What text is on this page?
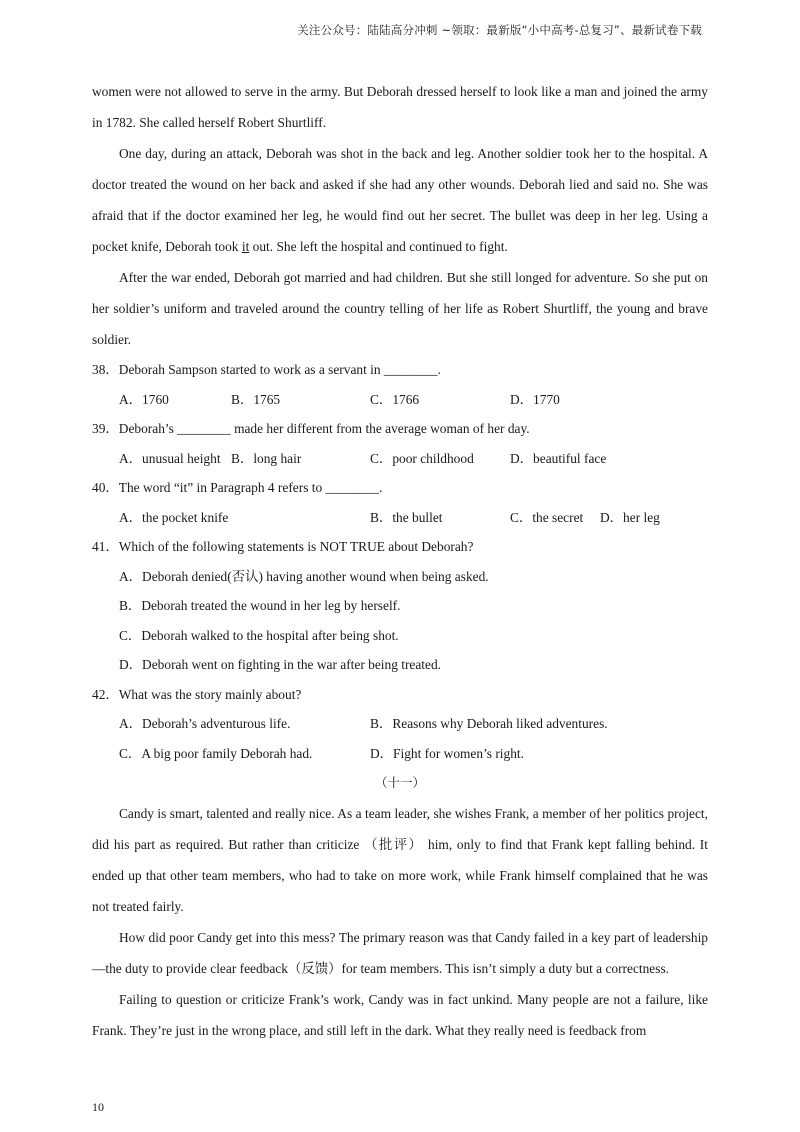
关注公众号：陆陆高分冲刺 ~领取：最新版“小中高考-总复习”、最新试卷下载

women were not allowed to serve in the army. But Deborah dressed herself to look like a man and joined the army in 1782. She called herself Robert Shurtliff.

One day, during an attack, Deborah was shot in the back and leg. Another soldier took her to the hospital. A doctor treated the wound on her back and asked if she had any other wounds. Deborah lied and said no. She was afraid that if the doctor examined her leg, he would find out her secret. The bullet was deep in her leg. Using a pocket knife, Deborah took it out. She left the hospital and continued to fight.

After the war ended, Deborah got married and had children. But she still longed for adventure. So she put on her soldier’s uniform and traveled around the country telling of her life as Robert Shurtliff, the young and brave soldier.

38．Deborah Sampson started to work as a servant in ________.

A．1760	B．1765	C．1766	D．1770

39．Deborah’s ________ made her different from the average woman of her day.

A．unusual height B．long hair	C．poor childhood	D．beautiful face

40．The word “it” in Paragraph 4 refers to ________.

A．the pocket knife	B．the bullet	C．the secret D．her leg

41．Which of the following statements is NOT TRUE about Deborah?

A．Deborah denied(否认) having another wound when being asked.

B．Deborah treated the wound in her leg by herself.

C．Deborah walked to the hospital after being shot.

D．Deborah went on fighting in the war after being treated.

42．What was the story mainly about?

A．Deborah’s adventurous life.	B．Reasons why Deborah liked adventures.
C．A big poor family Deborah had.	D．Fight for women’s right.

（十一）

Candy is smart, talented and really nice. As a team leader, she wishes Frank, a member of her politics project, did his part as required. But rather than criticize （批评） him, only to find that Frank kept falling behind. It ended up that other team members, who had to take on more work, while Frank himself complained that he was not treated fairly.

How did poor Candy get into this mess? The primary reason was that Candy failed in a key part of leadership—the duty to provide clear feedback（反馈）for team members. This isn’t simply a duty but a correctness.

Failing to question or criticize Frank’s work, Candy was in fact unkind. Many people are not a failure, like Frank. They’re just in the wrong place, and still left in the dark. What they really need is feedback from

10
